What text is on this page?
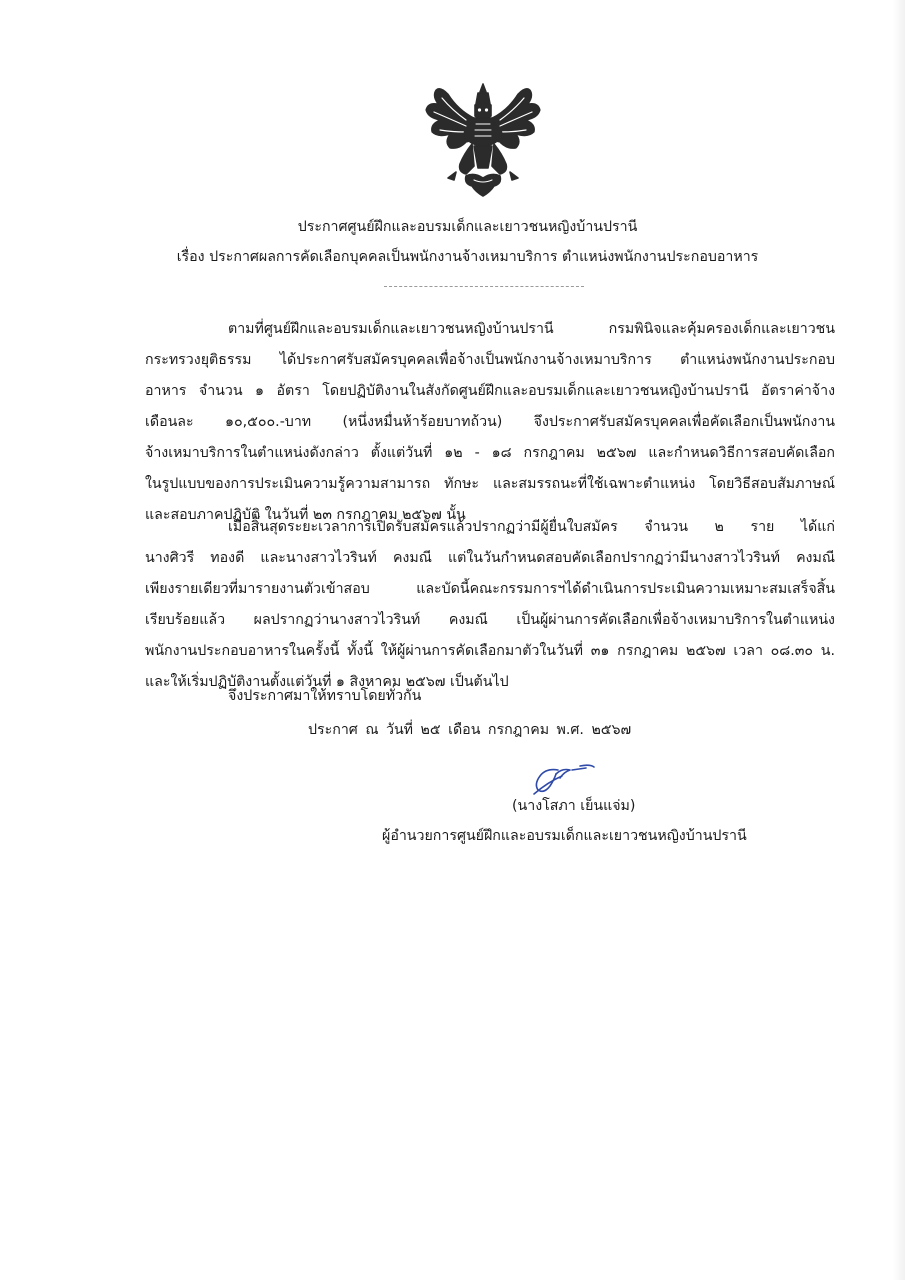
ประกาศศูนย์ฝึกและอบรมเด็กและเยาวชนหญิงบ้านปรานี
เรื่อง ประกาศผลการคัดเลือกบุคคลเป็นพนักงานจ้างเหมาบริการ ตำแหน่งพนักงานประกอบอาหาร
ตามที่ศูนย์ฝึกและอบรมเด็กและเยาวชนหญิงบ้านปรานี กรมพินิจและคุ้มครองเด็กและเยาวชน
กระทรวงยุติธรรม ได้ประกาศรับสมัครบุคคลเพื่อจ้างเป็นพนักงานจ้างเหมาบริการ ตำแหน่งพนักงานประกอบ
อาหาร จำนวน ๑ อัตรา โดยปฏิบัติงานในสังกัดศูนย์ฝึกและอบรมเด็กและเยาวชนหญิงบ้านปรานี อัตราค่าจ้าง
เดือนละ ๑๐,๕๐๐.-บาท (หนึ่งหมื่นห้าร้อยบาทถ้วน) จึงประกาศรับสมัครบุคคลเพื่อคัดเลือกเป็นพนักงาน
จ้างเหมาบริการในตำแหน่งดังกล่าว ตั้งแต่วันที่ ๑๒ - ๑๘ กรกฎาคม ๒๕๖๗ และกำหนดวิธีการสอบคัดเลือก
ในรูปแบบของการประเมินความรู้ความสามารถ ทักษะ และสมรรถนะที่ใช้เฉพาะตำแหน่ง โดยวิธีสอบสัมภาษณ์
และสอบภาคปฏิบัติ ในวันที่ ๒๓ กรกฎาคม ๒๕๖๗ นั้น
เมื่อสิ้นสุดระยะเวลาการเปิดรับสมัครแล้วปรากฏว่ามีผู้ยื่นใบสมัคร จำนวน ๒ ราย ได้แก่
นางศิวรี ทองดี และนางสาวไวรินท์ คงมณี แต่ในวันกำหนดสอบคัดเลือกปรากฏว่ามีนางสาวไวรินท์ คงมณี
เพียงรายเดียวที่มารายงานตัวเข้าสอบ และบัดนี้คณะกรรมการฯได้ดำเนินการประเมินความเหมาะสมเสร็จสิ้น
เรียบร้อยแล้ว ผลปรากฏว่านางสาวไวรินท์ คงมณี เป็นผู้ผ่านการคัดเลือกเพื่อจ้างเหมาบริการในตำแหน่ง
พนักงานประกอบอาหารในครั้งนี้ ทั้งนี้ ให้ผู้ผ่านการคัดเลือกมาตัวในวันที่ ๓๑ กรกฎาคม ๒๕๖๗ เวลา ๐๘.๓๐ น.
และให้เริ่มปฏิบัติงานตั้งแต่วันที่ ๑ สิงหาคม ๒๕๖๗ เป็นต้นไป
จึงประกาศมาให้ทราบโดยทั่วกัน
ประกาศ ณ วันที่ ๒๕ เดือน กรกฎาคม พ.ศ. ๒๕๖๗
(นางโสภา เย็นแจ่ม)
ผู้อำนวยการศูนย์ฝึกและอบรมเด็กและเยาวชนหญิงบ้านปรานี
